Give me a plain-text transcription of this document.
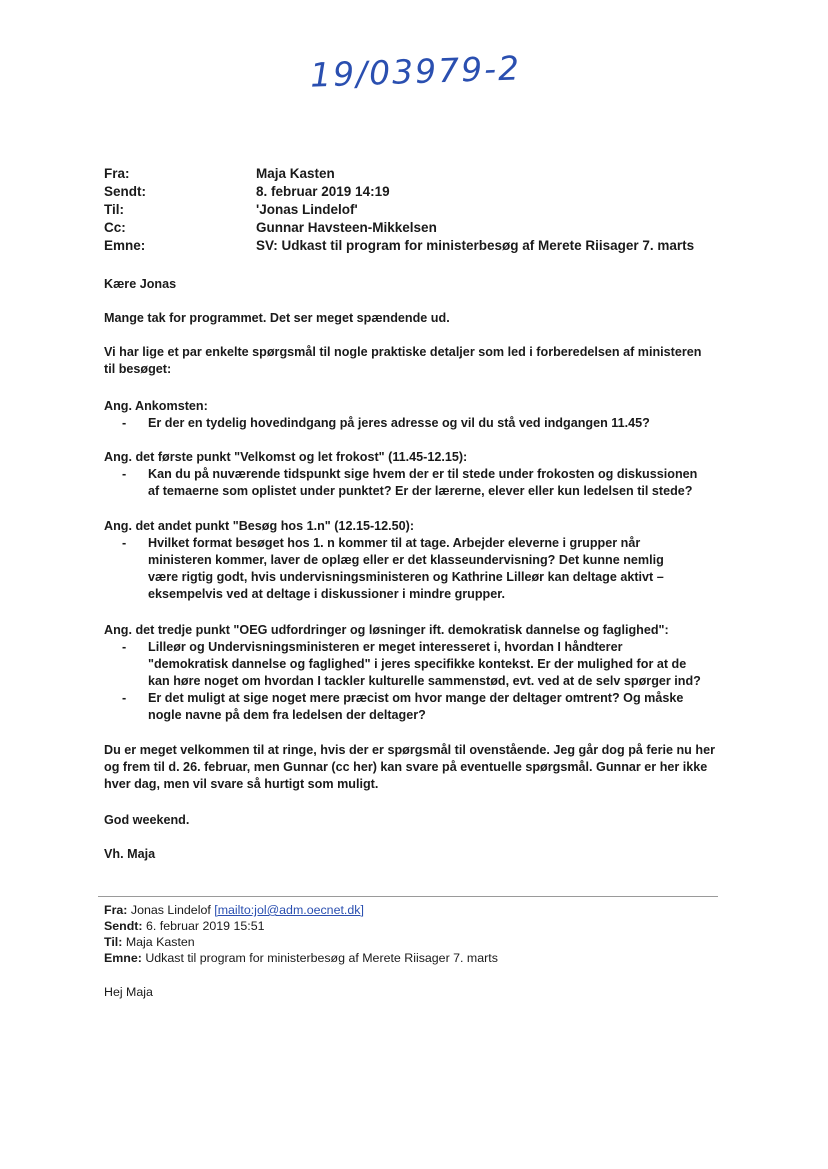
19/03979-2
Fra:	Maja Kasten
Sendt:	8. februar 2019 14:19
Til:	'Jonas Lindelof'
Cc:	Gunnar Havsteen-Mikkelsen
Emne:	SV: Udkast til program for ministerbesøg af Merete Riisager 7. marts
Kære Jonas
Mange tak for programmet. Det ser meget spændende ud.
Vi har lige et par enkelte spørgsmål til nogle praktiske detaljer som led i forberedelsen af ministeren til besøget:
Ang. Ankomsten:
- Er der en tydelig hovedindgang på jeres adresse og vil du stå ved indgangen 11.45?
Ang. det første punkt "Velkomst og let frokost" (11.45-12.15):
- Kan du på nuværende tidspunkt sige hvem der er til stede under frokosten og diskussionen af temaerne som oplistet under punktet? Er der lærerne, elever eller kun ledelsen til stede?
Ang. det andet punkt "Besøg hos 1.n" (12.15-12.50):
- Hvilket format besøget hos 1. n kommer til at tage. Arbejder eleverne i grupper når ministeren kommer, laver de oplæg eller er det klasseundervisning? Det kunne nemlig være rigtig godt, hvis undervisningsministeren og Kathrine Lilleør kan deltage aktivt – eksempelvis ved at deltage i diskussioner i mindre grupper.
Ang. det tredje punkt "OEG udfordringer og løsninger ift. demokratisk dannelse og faglighed":
- Lilleør og Undervisningsministeren er meget interesseret i, hvordan I håndterer "demokratisk dannelse og faglighed" i jeres specifikke kontekst. Er der mulighed for at de kan høre noget om hvordan I tackler kulturelle sammenstød, evt. ved at de selv spørger ind?
- Er det muligt at sige noget mere præcist om hvor mange der deltager omtrent? Og måske nogle navne på dem fra ledelsen der deltager?
Du er meget velkommen til at ringe, hvis der er spørgsmål til ovenstående. Jeg går dog på ferie nu her og frem til d. 26. februar, men Gunnar (cc her) kan svare på eventuelle spørgsmål. Gunnar er her ikke hver dag, men vil svare så hurtigt som muligt.
God weekend.
Vh. Maja
Fra: Jonas Lindelof [mailto:jol@adm.oecnet.dk]
Sendt: 6. februar 2019 15:51
Til: Maja Kasten
Emne: Udkast til program for ministerbesøg af Merete Riisager 7. marts
Hej Maja
